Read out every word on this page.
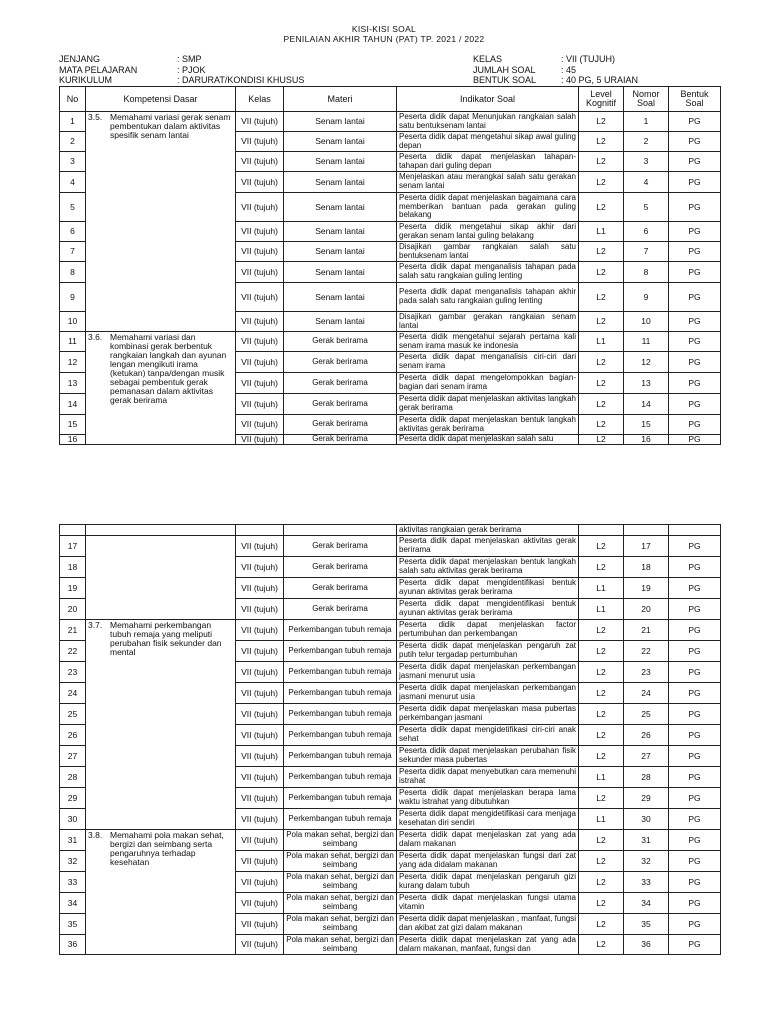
KISI-KISI SOAL
PENILAIAN AKHIR TAHUN (PAT) TP. 2021 / 2022
JENJANG	: SMP
MATA PELAJARAN	: PJOK
KURIKULUM	: DARURAT/KONDISI KHUSUS
KELAS	: VII (TUJUH)
JUMLAH SOAL	: 45
BENTUK SOAL	: 40 PG, 5 URAIAN
No	Kompetensi Dasar	Kelas	Materi	Indikator Soal	Level Kognitif	Nomor Soal	Bentuk Soal
1	3.5. Memahami variasi gerak senam pembentukan dalam aktivitas spesifik senam lantai	VII (tujuh)	Senam lantai	Peserta didik dapat Menunjukan rangkaian salah satu bentuksenam lantai	L2	1	PG
2		VII (tujuh)	Senam lantai	Peserta didik dapat mengetahui sikap awal guling depan	L2	2	PG
3		VII (tujuh)	Senam lantai	Peserta didik dapat menjelaskan tahapan-tahapan dari guling depan	L2	3	PG
4		VII (tujuh)	Senam lantai	Menjelaskan atau merangkai salah satu gerakan senam lantai	L2	4	PG
5		VII (tujuh)	Senam lantai	Peserta didik dapat menjelaskan bagaimana cara memberikan bantuan pada gerakan guling belakang	L2	5	PG
6		VII (tujuh)	Senam lantai	Peserta didik mengetahui sikap akhir dari gerakan senam lantai guling belakang	L1	6	PG
7		VII (tujuh)	Senam lantai	Disajikan gambar rangkaian salah satu bentuksenam lantai	L2	7	PG
8		VII (tujuh)	Senam lantai	Peserta didik dapat menganalisis tahapan pada salah satu rangkaian guling lenting	L2	8	PG
9		VII (tujuh)	Senam lantai	Peserta didik dapat menganalisis tahapan akhir pada salah satu rangkaian guling lenting	L2	9	PG
10		VII (tujuh)	Senam lantai	Disajikan gambar gerakan rangkaian senam lantai	L2	10	PG
11	3.6. Memahami variasi dan kombinasi gerak berbentuk rangkaian langkah dan ayunan lengan mengikuti irama (ketukan) tanpa/dengan musik sebagai pembentuk gerak pemanasan dalam aktivitas gerak berirama	VII (tujuh)	Gerak berirama	Peserta didik mengetahui sejarah pertama kali senam irama masuk ke indonesia	L1	11	PG
12		VII (tujuh)	Gerak berirama	Peserta didik dapat menganalisis ciri-ciri dari senam irama	L2	12	PG
13		VII (tujuh)	Gerak berirama	Peserta didik dapat mengelompokkan bagian-bagian dari senam irama	L2	13	PG
14		VII (tujuh)	Gerak berirama	Peserta didik dapat menjelaskan aktivitas langkah gerak berirama	L2	14	PG
15		VII (tujuh)	Gerak berirama	Peserta didik dapat menjelaskan bentuk langkah aktivitas gerak berirama	L2	15	PG
16		VII (tujuh)	Gerak berirama	Peserta didik dapat menjelaskan salah satu	L2	16	PG
				aktivitas rangkaian gerak berirama			
17		VII (tujuh)	Gerak berirama	Peserta didik dapat menjelaskan aktivitas gerak berirama	L2	17	PG
18		VII (tujuh)	Gerak berirama	Peserta didik dapat menjelaskan bentuk langkah salah satu aktivitas gerak berirama	L2	18	PG
19		VII (tujuh)	Gerak berirama	Peserta didik dapat mengidentifikasi bentuk ayunan aktivitas gerak berirama	L1	19	PG
20		VII (tujuh)	Gerak berirama	Peserta didik dapat mengidentifikasi bentuk ayunan aktivitas gerak berirama	L1	20	PG
21	3.7. Memahami perkembangan tubuh remaja yang meliputi perubahan fisik sekunder dan mental	VII (tujuh)	Perkembangan tubuh remaja	Peserta didik dapat menjelaskan factor pertumbuhan dan perkembangan	L2	21	PG
22		VII (tujuh)	Perkembangan tubuh remaja	Peserta didik dapat menjelaskan pengaruh zat putih telur tergadap pertumbuhan	L2	22	PG
23		VII (tujuh)	Perkembangan tubuh remaja	Peserta didik dapat menjelaskan perkembangan jasmani menurut usia	L2	23	PG
24		VII (tujuh)	Perkembangan tubuh remaja	Peserta didik dapat menjelaskan perkembangan jasmani menurut usia	L2	24	PG
25		VII (tujuh)	Perkembangan tubuh remaja	Peserta didik dapat menjelaskan masa pubertas perkembangan jasmani	L2	25	PG
26		VII (tujuh)	Perkembangan tubuh remaja	Peserta didik dapat mengidetifikasi ciri-ciri anak sehat	L2	26	PG
27		VII (tujuh)	Perkembangan tubuh remaja	Peserta didik dapat menjelaskan perubahan fisik sekunder masa pubertas	L2	27	PG
28		VII (tujuh)	Perkembangan tubuh remaja	Peserta didik dapat menyebutkan cara memenuhi istrahat	L1	28	PG
29		VII (tujuh)	Perkembangan tubuh remaja	Peserta didik dapat menjelaskan berapa lama waktu istrahat yang dibutuhkan	L2	29	PG
30		VII (tujuh)	Perkembangan tubuh remaja	Peserta didik dapat mengidetifikasi cara menjaga kesehatan diri sendiri	L1	30	PG
31	3.8. Memahami pola makan sehat, bergizi dan seimbang serta pengaruhnya terhadap kesehatan	VII (tujuh)	Pola makan sehat, bergizi dan seimbang	Peserta didik dapat menjelaskan zat yang ada dalam makanan	L2	31	PG
32		VII (tujuh)	Pola makan sehat, bergizi dan seimbang	Peserta didik dapat menjelaskan fungsi dari zat yang ada didalam makanan	L2	32	PG
33		VII (tujuh)	Pola makan sehat, bergizi dan seimbang	Peserta didik dapat menjelaskan pengaruh gizi kurang dalam tubuh	L2	33	PG
34		VII (tujuh)	Pola makan sehat, bergizi dan seimbang	Peserta didik dapat menjelaskan fungsi utama vitamin	L2	34	PG
35		VII (tujuh)	Pola makan sehat, bergizi dan seimbang	Peserta didik dapat menjelaskan , manfaat, fungsi dan akibat zat gizi dalam makanan	L2	35	PG
36		VII (tujuh)	Pola makan sehat, bergizi dan seimbang	Peserta didik dapat menjelaskan zat yang ada dalam makanan, manfaat, fungsi dan	L2	36	PG
